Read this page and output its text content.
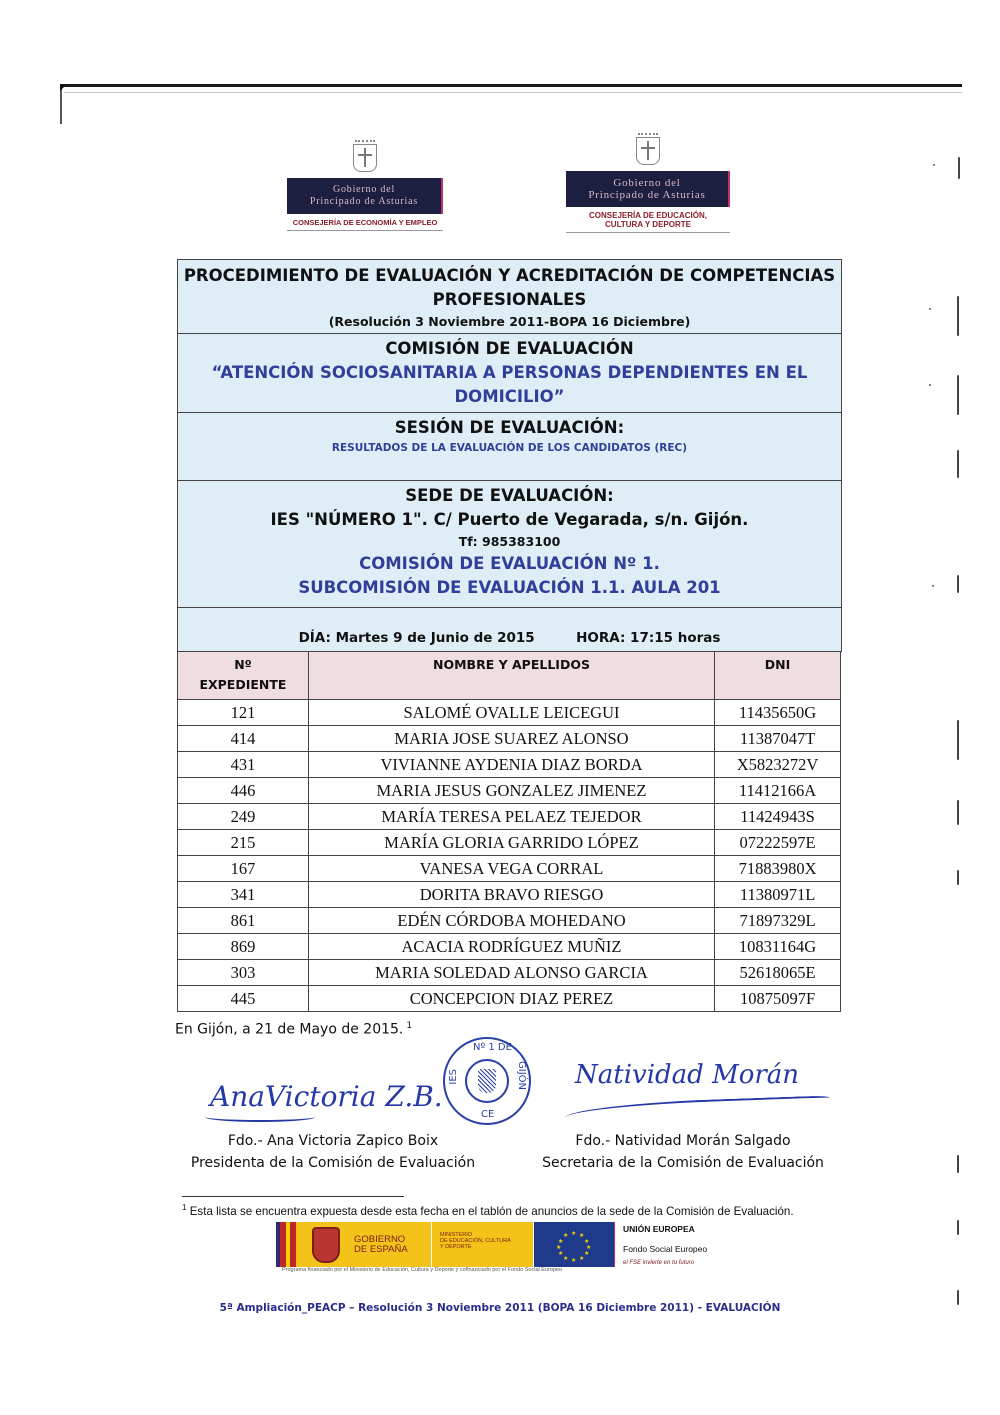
Gobierno del
Principado de Asturias
CONSEJERÍA DE ECONOMÍA Y EMPLEO
Gobierno del
Principado de Asturias
CONSEJERÍA DE EDUCACIÓN,
CULTURA Y DEPORTE
PROCEDIMIENTO DE EVALUACIÓN Y ACREDITACIÓN DE COMPETENCIAS
PROFESIONALES
(Resolución 3 Noviembre 2011-BOPA 16 Diciembre)
COMISIÓN DE EVALUACIÓN
“ATENCIÓN SOCIOSANITARIA A PERSONAS DEPENDIENTES EN EL
DOMICILIO”
SESIÓN DE EVALUACIÓN:
RESULTADOS DE LA EVALUACIÓN DE LOS CANDIDATOS (REC)
SEDE DE EVALUACIÓN:
IES "NÚMERO 1". C/ Puerto de Vegarada, s/n. Gijón.
Tf: 985383100
COMISIÓN DE EVALUACIÓN Nº 1.
SUBCOMISIÓN DE EVALUACIÓN 1.1. AULA 201
DÍA: Martes 9 de Junio de 2015	HORA: 17:15 horas
Nº
EXPEDIENTE	NOMBRE Y APELLIDOS	DNI
121	SALOMÉ OVALLE LEICEGUI	11435650G
414	MARIA JOSE SUAREZ ALONSO	11387047T
431	VIVIANNE AYDENIA DIAZ BORDA	X5823272V
446	MARIA JESUS GONZALEZ JIMENEZ	11412166A
249	MARÍA TERESA PELAEZ TEJEDOR	11424943S
215	MARÍA GLORIA GARRIDO LÓPEZ	07222597E
167	VANESA VEGA CORRAL	71883980X
341	DORITA BRAVO RIESGO	11380971L
861	EDÉN CÓRDOBA MOHEDANO	71897329L
869	ACACIA RODRÍGUEZ MUÑIZ	10831164G
303	MARIA SOLEDAD ALONSO GARCIA	52618065E
445	CONCEPCION DIAZ PEREZ	10875097F
En Gijón, a 21 de Mayo de 2015. $^1$
AnaVictoria Z.B.
Natividad Morán
Nº 1 DE
IES	GIJÓN
CE
Fdo.- Ana Victoria Zapico Boix
Presidenta de la Comisión de Evaluación
Fdo.- Natividad Morán Salgado
Secretaria de la Comisión de Evaluación
$^1$ Esta lista se encuentra expuesta desde esta fecha en el tablón de anuncios de la sede de la Comisión de Evaluación.
GOBIERNO
DE ESPAÑA
MINISTERIO
DE EDUCACIÓN, CULTURA
Y DEPORTE
★ ★
★
★
★
★
★
★
★
★
★
★
UNIÓN EUROPEA
Fondo Social Europeo
el FSE invierte en tu futuro
Programa financiado por el Ministerio de Educación, Cultura y Deporte y cofinanciado por el Fondo Social Europeo
5ª Ampliación_PEACP – Resolución 3 Noviembre 2011 (BOPA 16 Diciembre 2011) - EVALUACIÓN
